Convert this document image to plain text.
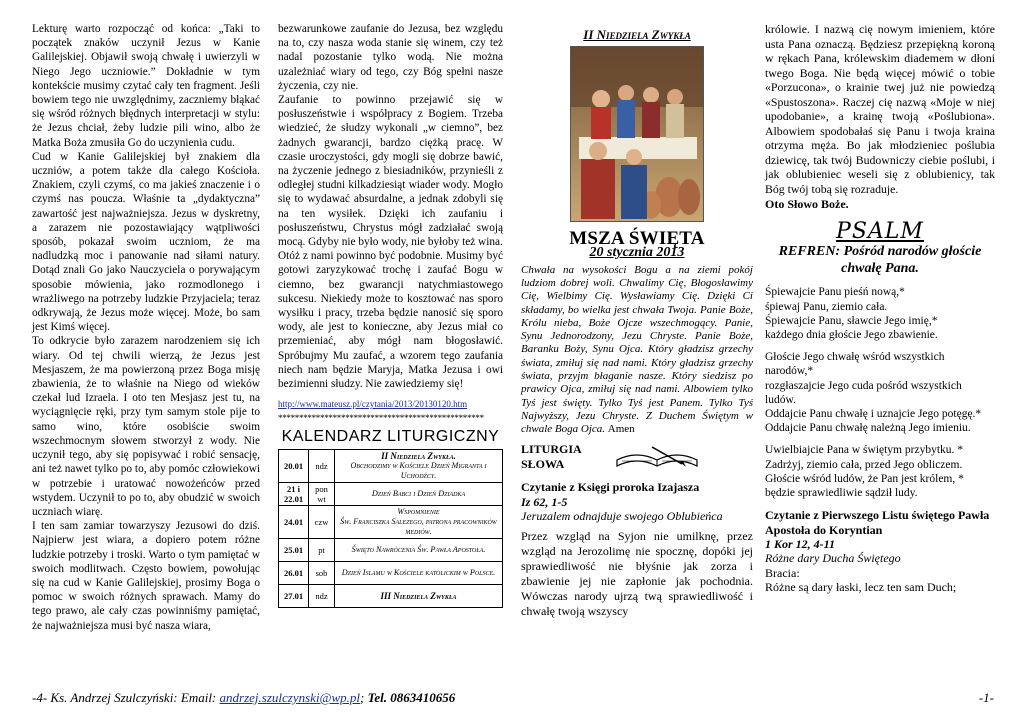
Lekturę warto rozpocząć od końca: „Taki to początek znaków uczynił Jezus w Kanie Galilejskiej. Objawił swoją chwałę i uwierzyli w Niego Jego uczniowie.” Dokładnie w tym kontekście musimy czytać cały ten fragment. Jeśli bowiem tego nie uwzględnimy, zaczniemy błąkać się wśród różnych błędnych interpretacji w stylu: że Jezus chciał, żeby ludzie pili wino, albo że Matka Boża zmusiła Go do uczynienia cudu.

Cud w Kanie Galilejskiej był znakiem dla uczniów, a potem także dla całego Kościoła. Znakiem, czyli czymś, co ma jakieś znaczenie i o czymś nas poucza. Właśnie ta „dydaktyczna” zawartość jest najważniejsza. Jezus w dyskretny, a zarazem nie pozostawiający wątpliwości sposób, pokazał swoim uczniom, że ma nadludzką moc i panowanie nad siłami natury. Dotąd znali Go jako Nauczyciela o porywającym sposobie mówienia, jako rozmodlonego i wrażliwego na potrzeby ludzkie Przyjaciela; teraz odkrywają, że Jezus może więcej. Może, bo sam jest Kimś więcej.

To odkrycie było zarazem narodzeniem się ich wiary. Od tej chwili wierzą, że Jezus jest Mesjaszem, że ma powierzoną przez Boga misję zbawienia, że to właśnie na Niego od wieków czekał lud Izraela. I oto ten Mesjasz jest tu, na wyciągnięcie ręki, przy tym samym stole pije to samo wino, które osobiście swoim wszechmocnym słowem stworzył z wody. Nie uczynił tego, aby się popisywać i robić sensację, ani też nawet tylko po to, aby pomóc człowiekowi w potrzebie i uratować nowożeńców przed wstydem. Uczynił to po to, aby obudzić w swoich uczniach wiarę.

I ten sam zamiar towarzyszy Jezusowi do dziś. Najpierw jest wiara, a dopiero potem różne ludzkie potrzeby i troski. Warto o tym pamiętać w swoich modlitwach. Często bowiem, powołując się na cud w Kanie Galilejskiej, prosimy Boga o pomoc w swoich różnych sprawach. Mamy do tego prawo, ale cały czas powinniśmy pamiętać, że najważniejsza musi być nasza wiara,

bezwarunkowe zaufanie do Jezusa, bez względu na to, czy nasza woda stanie się winem, czy też nadal pozostanie tylko wodą. Nie można uzależniać wiary od tego, czy Bóg spełni nasze życzenia, czy nie.

Zaufanie to powinno przejawić się w posłuszeństwie i współpracy z Bogiem. Trzeba wiedzieć, że słudzy wykonali „w ciemno”, bez żadnych gwarancji, bardzo ciężką pracę. W czasie uroczystości, gdy mogli się dobrze bawić, na życzenie jednego z biesiadników, przynieśli z odległej studni kilkadziesiąt wiader wody. Mogło się to wydawać absurdalne, a jednak zdobyli się na ten wysiłek. Dzięki ich zaufaniu i posłuszeństwu, Chrystus mógł zadziałać swoją mocą. Gdyby nie było wody, nie byłoby też wina.

Otóż z nami powinno być podobnie. Musimy być gotowi zaryzykować trochę i zaufać Bogu w ciemno, bez gwarancji natychmiastowego sukcesu. Niekiedy może to kosztować nas sporo wysiłku i pracy, trzeba będzie nanosić się sporo wody, ale jest to konieczne, aby Jezus miał co przemieniać, aby mógł nam błogosławić. Spróbujmy Mu zaufać, a wzorem tego zaufania niech nam będzie Maryja, Matka Jezusa i owi bezimienni słudzy. Nie zawiedziemy się!

http://www.mateusz.pl/czytania/2013/20130120.htm
*************************************************
KALENDARZ LITURGICZNY
20.01	ndz	II Niedziela Zwykła.
Obchodzimy w Kościele Dzień Migranta i Uchodźcy.

21 i 22.01	pon wt	Dzień Babci i Dzień Dziadka

24.01	czw	Wspomnienie
Św. Franciszka Salezego, patrona pracowników mediów.

25.01	pt	Święto Nawrócenia Św. Pawła Apostoła.

26.01	sob	Dzień Islamu w Kościele katolickim w Polsce.

27.01	ndz	III Niedziela Zwykła
II Niedziela Zwykła
MSZA ŚWIĘTA
20 stycznia 2013

Chwała na wysokości Bogu a na ziemi pokój ludziom dobrej woli. Chwalimy Cię, Błogosławimy Cię, Wielbimy Cię. Wysławiamy Cię. Dzięki Ci składamy, bo wielka jest chwała Twoja. Panie Boże, Królu nieba, Boże Ojcze wszechmogący. Panie, Synu Jednorodzony, Jezu Chryste. Panie Boże, Baranku Boży, Synu Ojca. Który gładzisz grzechy świata, zmiłuj się nad nami. Który gładzisz grzechy świata, przyjm błaganie nasze. Który siedzisz po prawicy Ojca, zmiłuj się nad nami. Albowiem tylko Tyś jest święty. Tylko Tyś jest Panem. Tylko Tyś Najwyższy, Jezu Chryste. Z Duchem Świętym w chwale Boga Ojca. Amen

LITURGIA
SŁOWA
Czytanie z Księgi proroka Izajasza
Iz 62, 1-5
Jeruzalem odnajduje swojego Oblubieńca

Przez wzgląd na Syjon nie umilknę, przez wzgląd na Jerozolimę nie spocznę, dopóki jej sprawiedliwość nie błyśnie jak zorza i zbawienie jej nie zapłonie jak pochodnia. Wówczas narody ujrzą twą sprawiedliwość i chwałę twoją wszyscy

królowie. I nazwą cię nowym imieniem, które usta Pana oznaczą. Będziesz przepiękną koroną w rękach Pana, królewskim diademem w dłoni twego Boga. Nie będą więcej mówić o tobie «Porzucona», o krainie twej już nie powiedzą «Spustoszona». Raczej cię nazwą «Moje w niej upodobanie», a krainę twoją «Poślubiona». Albowiem spodobałaś się Panu i twoja kraina otrzyma męża. Bo jak młodzieniec poślubia dziewicę, tak twój Budowniczy ciebie poślubi, i jak oblubieniec weseli się z oblubienicy, tak Bóg twój tobą się rozraduje.

Oto Słowo Boże.
PSALM
REFREN: Pośród narodów głoście chwałę Pana.
Śpiewajcie Panu pieśń nową,*
śpiewaj Panu, ziemio cała.
Śpiewajcie Panu, sławcie Jego imię,*
każdego dnia głoście Jego zbawienie.
Głoście Jego chwałę wśród wszystkich narodów,*
rozgłaszajcie Jego cuda pośród wszystkich ludów.
Oddajcie Panu chwałę i uznajcie Jego potęgę.*
Oddajcie Panu chwałę należną Jego imieniu.
Uwielbiajcie Pana w świętym przybytku. *
Zadrżyj, ziemio cała, przed Jego obliczem.
Głoście wśród ludów, że Pan jest królem, *
będzie sprawiedliwie sądził ludy.
Czytanie z Pierwszego Listu świętego Pawła Apostoła do Koryntian
1 Kor 12, 4-11
Różne dary Ducha Świętego
Bracia:
Różne są dary łaski, lecz ten sam Duch;
-4- Ks. Andrzej Szulczyński: Email: andrzej.szulczynski@wp.pl; Tel. 0863410656	-1-
